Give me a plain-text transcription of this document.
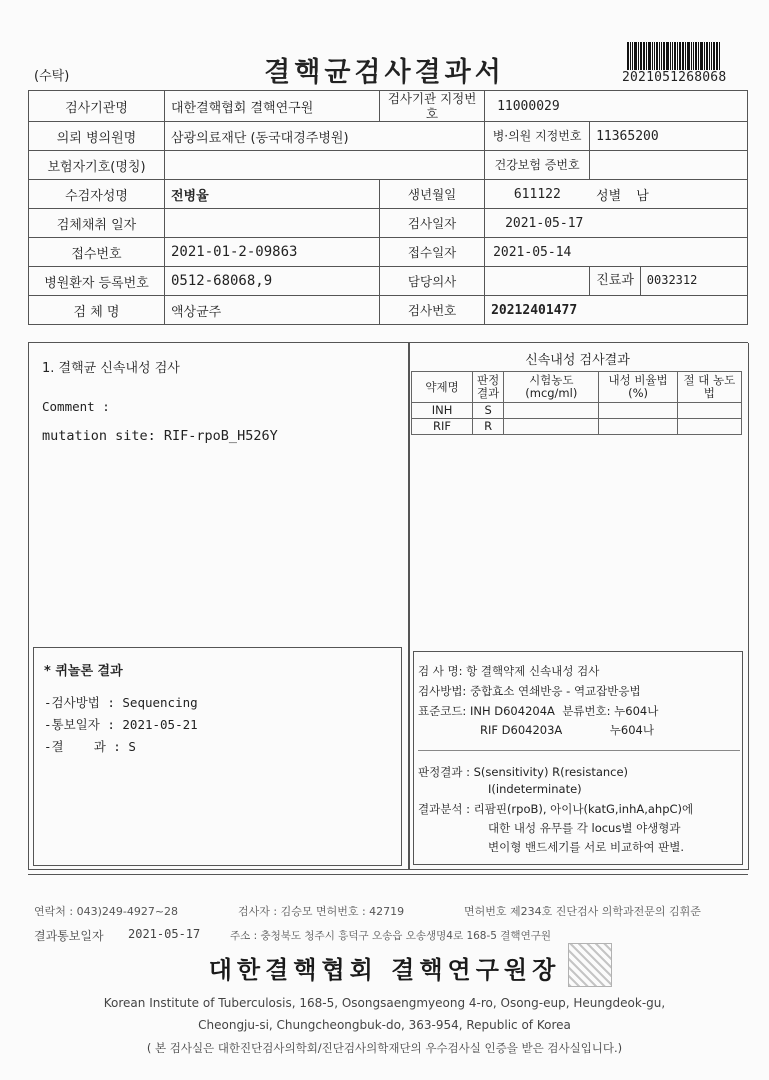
(수탁)	결핵균검사결과서	2021051268068
검사기관명	대한결핵협회 결핵연구원	검사기관 지정번호	11000029	
의뢰 병의원명	삼광의료재단 (동국대경주병원)		병·의원 지정번호	11365200
보험자기호(명칭)			건강보험 증번호	
수검자성명	전병율	생년월일	611122	성별 남
검체채취 일자		검사일자	2021-05-17	
접수번호	2021-01-2-09863	접수일자	2021-05-14	
병원환자 등록번호	0512-68068,9	담당의사		진료과 0032312
검 체 명	액상균주	검사번호	20212401477	
1. 결핵균 신속내성 검사
Comment :
mutation site: RIF-rpoB_H526Y
* 퀴놀론 결과
-검사방법 : Sequencing
-통보일자 : 2021-05-21
-결    과 : S
신속내성 검사결과
약제명	판정 결과	시험농도 (mcg/ml)	내성 비율법(%)	절 대 농도법
INH	S			
RIF	R			
검 사 명: 항 결핵약제 신속내성 검사
검사방법: 중합효소 연쇄반응 - 역교잡반응법
표준코드: INH D604204A  분류번호: 누604나
RIF D604203A             누604나
판정결과 : S(sensitivity) R(resistance)
I(indeterminate)
결과분석 : 리팜핀(rpoB), 아이나(katG,inhA,ahpC)에
대한 내성 유무를 각 locus별 야생형과
변이형 밴드세기를 서로 비교하여 판별.
연락처 : 043)249-4927~28	검사자 : 김승모 면허번호 : 42719	면허번호 제234호 진단검사 의학과전문의 김휘준
결과통보일자 2021-05-17	주소 : 충청북도 청주시 흥덕구 오송읍 오송생명4로 168-5 결핵연구원
대한결핵협회 결핵연구원장
Korean Institute of Tuberculosis, 168-5, Osongsaengmyeong 4-ro, Osong-eup, Heungdeok-gu,
Cheongju-si, Chungcheongbuk-do, 363-954, Republic of Korea
( 본 검사실은 대한진단검사의학회/진단검사의학재단의 우수검사실 인증을 받은 검사실입니다.)
